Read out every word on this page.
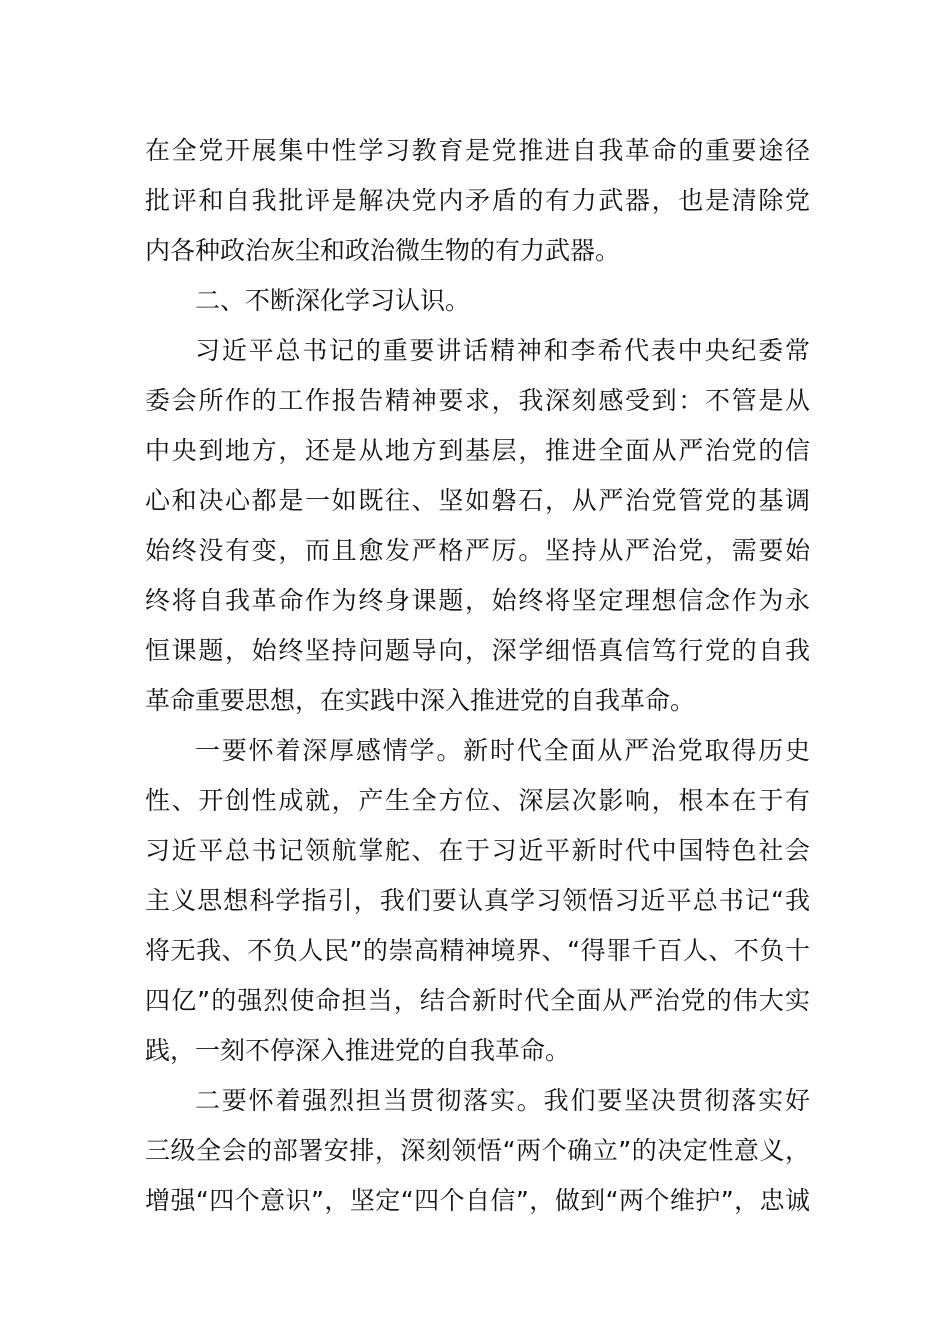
在全党开展集中性学习教育是党推进自我革命的重要途径
批评和自我批评是解决党内矛盾的有力武器，也是清除党
内各种政治灰尘和政治微生物的有力武器。
二、不断深化学习认识。
习近平总书记的重要讲话精神和李希代表中央纪委常
委会所作的工作报告精神要求，我深刻感受到：不管是从
中央到地方，还是从地方到基层，推进全面从严治党的信
心和决心都是一如既往、坚如磐石，从严治党管党的基调
始终没有变，而且愈发严格严厉。坚持从严治党，需要始
终将自我革命作为终身课题，始终将坚定理想信念作为永
恒课题，始终坚持问题导向，深学细悟真信笃行党的自我
革命重要思想，在实践中深入推进党的自我革命。
一要怀着深厚感情学。新时代全面从严治党取得历史
性、开创性成就，产生全方位、深层次影响，根本在于有
习近平总书记领航掌舵、在于习近平新时代中国特色社会
主义思想科学指引，我们要认真学习领悟习近平总书记“我
将无我、不负人民”的崇高精神境界、“得罪千百人、不负十
四亿”的强烈使命担当，结合新时代全面从严治党的伟大实
践，一刻不停深入推进党的自我革命。
二要怀着强烈担当贯彻落实。我们要坚决贯彻落实好
三级全会的部署安排，深刻领悟“两个确立”的决定性意义，
增强“四个意识”，坚定“四个自信”，做到“两个维护”，忠诚
